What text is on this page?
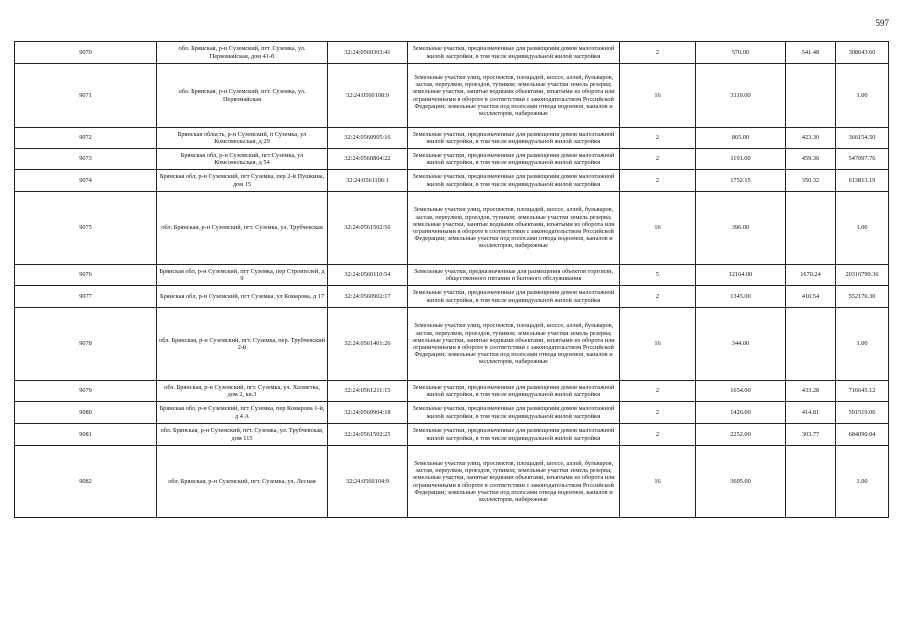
597
9070	обл. Брянская, р-н Суземский, пгт. Суземка, ул. Первомайская, дом 41-б	32:24:0560303:41	Земельные участки, предназначенные для размещения домов малоэтажной жилой застройки, в том числе индивидуальной жилой застройки	2	570.00	541.48	308643.60
9071	обл. Брянская, р-н Суземский, пгт. Суземка, ул. Первомайская	32:24:0560108:9	Земельные участки улиц, проспектов, площадей, шоссе, аллей, бульваров, застав, переулков, проездов, тупиков; земельные участки земель резерва; земельные участки, занятые водными объектами, изъятыми из оборота или ограниченными в обороте в соответствии с законодательством Российской Федерации; земельные участки под полосами отвода водоемов, каналов и коллекторов, набережные	16	3119.00		1.00
9072	Брянская область, р-н Суземский, п Суземка, ул Комсомольская, д 29	32:24:0560905:16	Земельные участки, предназначенные для размещения домов малоэтажной жилой застройки, в том числе индивидуальной жилой застройки	2	865.00	423.30	366154.50
9073	Брянская обл, р-н Суземский, пгт Суземка, ул Комсомольская, д 54	32:24:0560804:22	Земельные участки, предназначенные для размещения домов малоэтажной жилой застройки, в том числе индивидуальной жилой застройки	2	1191.00	459.36	547097.76
9074	Брянская обл, р-н Суземский, пгт Суземка, пер 2-й Пушкина, дом 15	32:24:0561106:1	Земельные участки, предназначенные для размещения домов малоэтажной жилой застройки, в том числе индивидуальной жилой застройки	2	1752.15	350.32	613813.19
9075	обл. Брянская, р-н Суземский, пгт. Суземка, ул. Трубчевская	32:24:0561502:56	Земельные участки улиц, проспектов, площадей, шоссе, аллей, бульваров, застав, переулков, проездов, тупиков; земельные участки земель резерва; земельные участки, занятые водными объектами, изъятыми из оборота или ограниченными в обороте в соответствии с законодательством Российской Федерации; земельные участки под полосами отвода водоемов, каналов и коллекторов, набережные	16	396.00		1.00
9076	Брянская обл, р-н Суземский, пгт Суземка, пер Строителей, д 9	32:24:0560110:54	Земельные участки, предназначенные для размещения объектов торговли, общественного питания и бытового обслуживания	5	12164.00	1670.24	20316799.36
9077	Брянская обл, р-н Суземский, пгт Суземка, ул Комарова, д 17	32:24:0560902:17	Земельные участки, предназначенные для размещения домов малоэтажной жилой застройки, в том числе индивидуальной жилой застройки	2	1345.00	410.54	552176.30
9078	обл. Брянская, р-н Суземский, пгт. Суземка, пер. Трубчевский 2-й	32:24:0561401:26	Земельные участки улиц, проспектов, площадей, шоссе, аллей, бульваров, застав, переулков, проездов, тупиков; земельные участки земель резерва; земельные участки, занятые водными объектами, изъятыми из оборота или ограниченными в обороте в соответствии с законодательством Российской Федерации; земельные участки под полосами отвода водоемов, каналов и коллекторов, набережные	16	344.00		1.00
9079	обл. Брянская, р-н Суземский, пгт. Суземка, ул. Холметка, дом 2, кв.3	32:24:0561211:15	Земельные участки, предназначенные для размещения домов малоэтажной жилой застройки, в том числе индивидуальной жилой застройки	2	1654.00	433.28	716645.12
9080	Брянская обл, р-н Суземский, пгт Суземка, пер Комарова 1-й, д 4 А	32:24:0560904:18	Земельные участки, предназначенные для размещения домов малоэтажной жилой застройки, в том числе индивидуальной жилой застройки	2	1426.00	414.81	591519.06
9081	обл. Брянская, р-н Суземский, пгт. Суземка, ул. Трубчевская, дом 115	32:24:0561502:25	Земельные участки, предназначенные для размещения домов малоэтажной жилой застройки, в том числе индивидуальной жилой застройки	2	2252.00	303.77	684090.04
9082	обл. Брянская, р-н Суземский, пгт. Суземка, ул. Лесная	32:24:0560104:9	Земельные участки улиц, проспектов, площадей, шоссе, аллей, бульваров, застав, переулков, проездов, тупиков; земельные участки земель резерва; земельные участки, занятые водными объектами, изъятыми из оборота или ограниченными в обороте в соответствии с законодательством Российской Федерации; земельные участки под полосами отвода водоемов, каналов и коллекторов, набережные	16	3605.00		1.00
